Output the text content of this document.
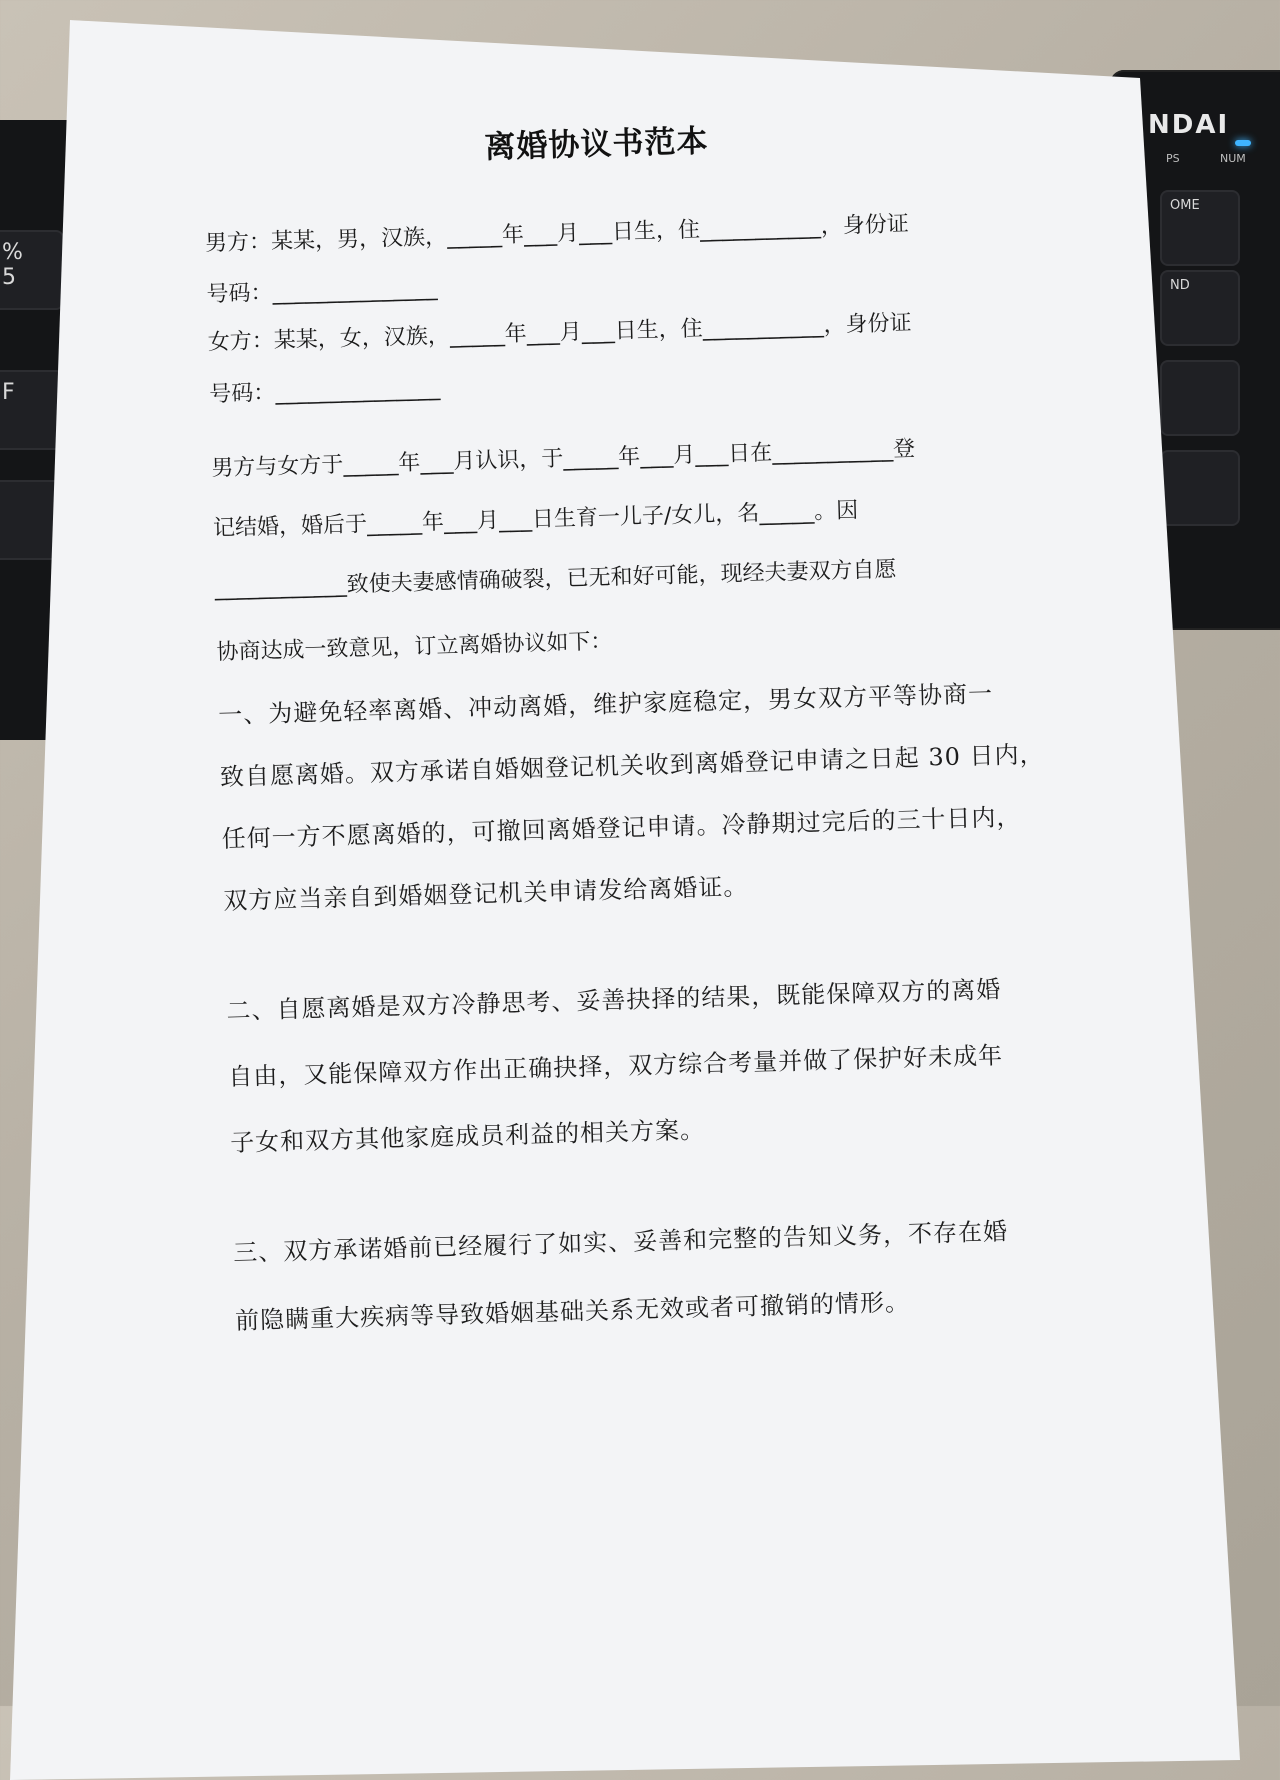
NDAI
PS	NUM
OME
ND
%
5
F
离婚协议书范本
男方：某某，男，汉族，_____年___月___日生，住___________，身份证
号码：_______________
女方：某某，女，汉族，_____年___月___日生，住___________，身份证
号码：_______________
男方与女方于_____年___月认识，于_____年___月___日在___________登
记结婚，婚后于_____年___月___日生育一儿子/女儿，名_____。因
____________致使夫妻感情确破裂，已无和好可能，现经夫妻双方自愿
协商达成一致意见，订立离婚协议如下：
一、为避免轻率离婚、冲动离婚，维护家庭稳定，男女双方平等协商一
致自愿离婚。双方承诺自婚姻登记机关收到离婚登记申请之日起 30 日内，
任何一方不愿离婚的，可撤回离婚登记申请。冷静期过完后的三十日内，
双方应当亲自到婚姻登记机关申请发给离婚证。
二、自愿离婚是双方冷静思考、妥善抉择的结果，既能保障双方的离婚
自由，又能保障双方作出正确抉择，双方综合考量并做了保护好未成年
子女和双方其他家庭成员利益的相关方案。
三、双方承诺婚前已经履行了如实、妥善和完整的告知义务，不存在婚
前隐瞒重大疾病等导致婚姻基础关系无效或者可撤销的情形。
